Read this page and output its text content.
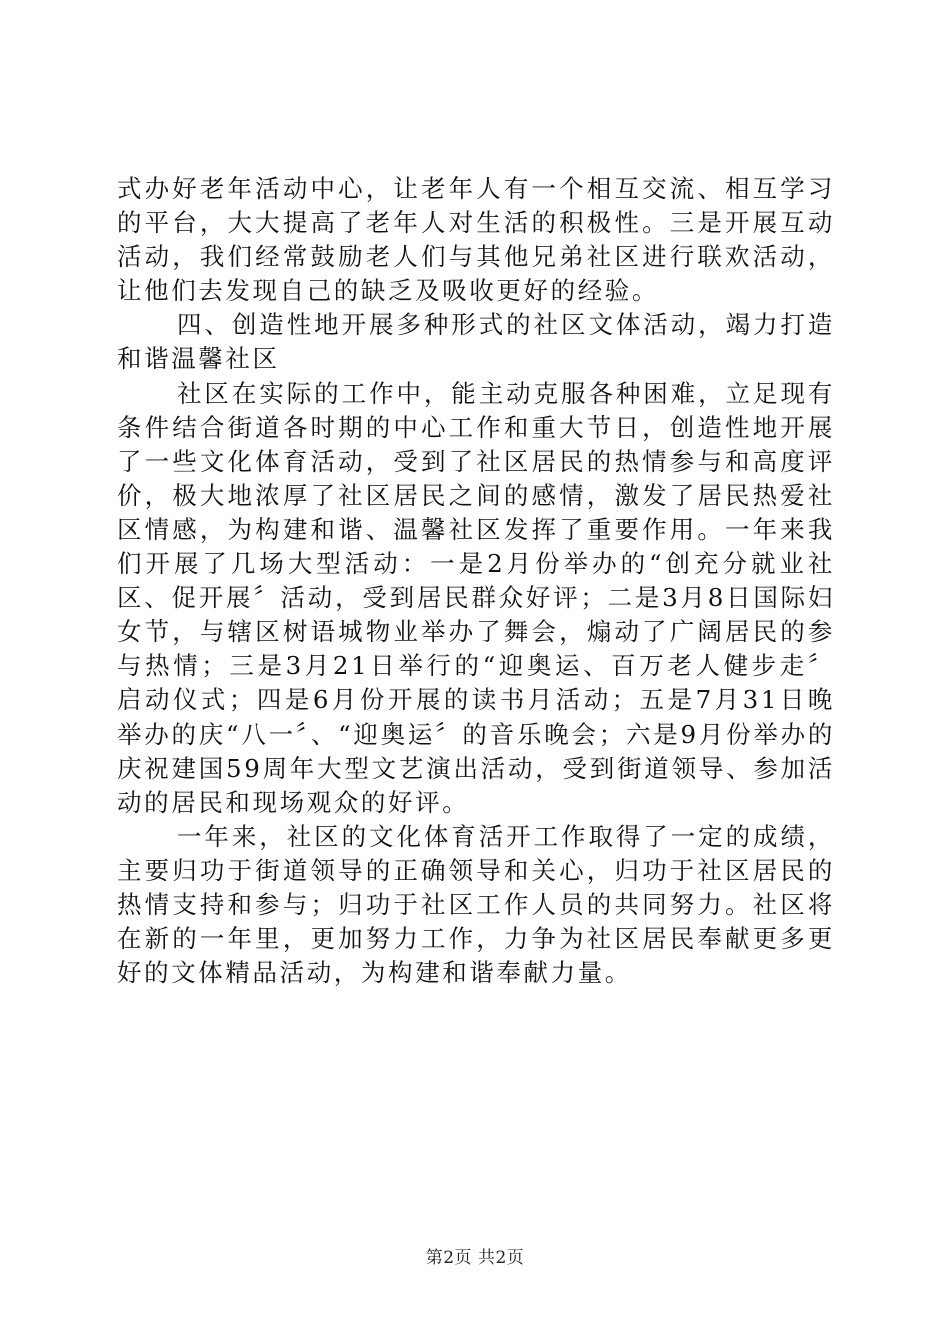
式办好老年活动中心，让老年人有一个相互交流、相互学习的平台，大大提高了老年人对生活的积极性。三是开展互动活动，我们经常鼓励老人们与其他兄弟社区进行联欢活动，让他们去发现自己的缺乏及吸收更好的经验。

四、创造性地开展多种形式的社区文体活动，竭力打造和谐温馨社区

社区在实际的工作中，能主动克服各种困难，立足现有条件结合街道各时期的中心工作和重大节日，创造性地开展了一些文化体育活动，受到了社区居民的热情参与和高度评价，极大地浓厚了社区居民之间的感情，激发了居民热爱社区情感，为构建和谐、温馨社区发挥了重要作用。一年来我们开展了几场大型活动：一是2月份举办的“创充分就业社区、促开展〞活动，受到居民群众好评；二是3月8日国际妇女节，与辖区树语城物业举办了舞会，煽动了广阔居民的参与热情；三是3月21日举行的“迎奥运、百万老人健步走〞启动仪式；四是6月份开展的读书月活动；五是7月31日晚举办的庆“八一〞、“迎奥运〞的音乐晚会；六是9月份举办的庆祝建国59周年大型文艺演出活动，受到街道领导、参加活动的居民和现场观众的好评。

一年来，社区的文化体育活开工作取得了一定的成绩，主要归功于街道领导的正确领导和关心，归功于社区居民的热情支持和参与；归功于社区工作人员的共同努力。社区将在新的一年里，更加努力工作，力争为社区居民奉献更多更好的文体精品活动，为构建和谐奉献力量。

第2页 共2页
